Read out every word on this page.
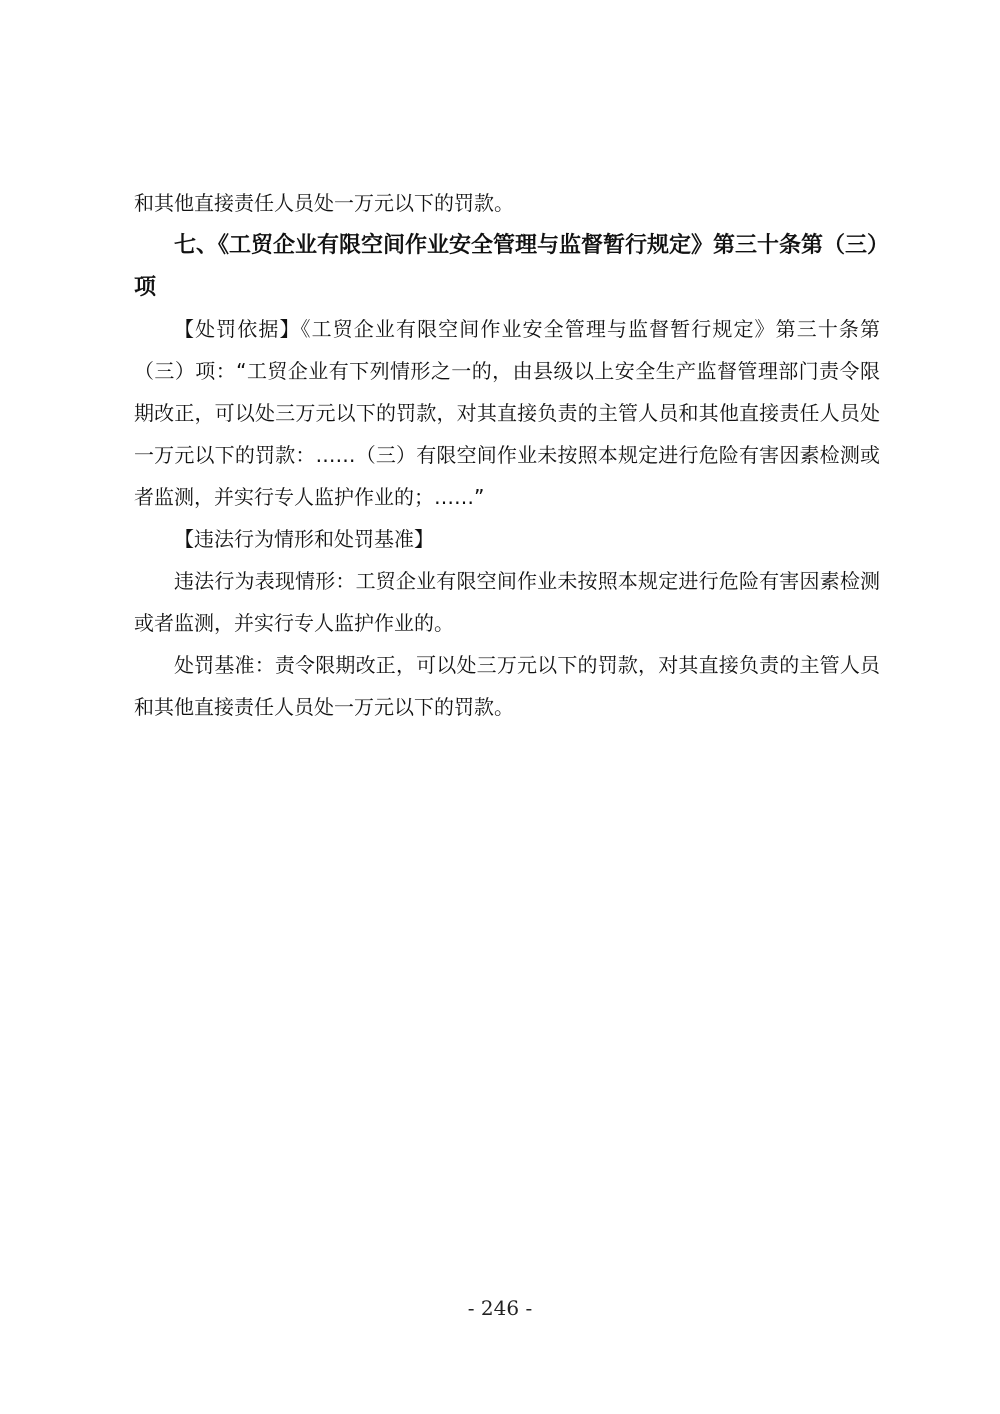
和其他直接责任人员处一万元以下的罚款。

七、《工贸企业有限空间作业安全管理与监督暂行规定》第三十条第（三）项

【处罚依据】《工贸企业有限空间作业安全管理与监督暂行规定》第三十条第（三）项：“工贸企业有下列情形之一的，由县级以上安全生产监督管理部门责令限期改正，可以处三万元以下的罚款，对其直接负责的主管人员和其他直接责任人员处一万元以下的罚款：……（三）有限空间作业未按照本规定进行危险有害因素检测或者监测，并实行专人监护作业的；……”

【违法行为情形和处罚基准】

违法行为表现情形：工贸企业有限空间作业未按照本规定进行危险有害因素检测或者监测，并实行专人监护作业的。

处罚基准：责令限期改正，可以处三万元以下的罚款，对其直接负责的主管人员和其他直接责任人员处一万元以下的罚款。

- 246 -
